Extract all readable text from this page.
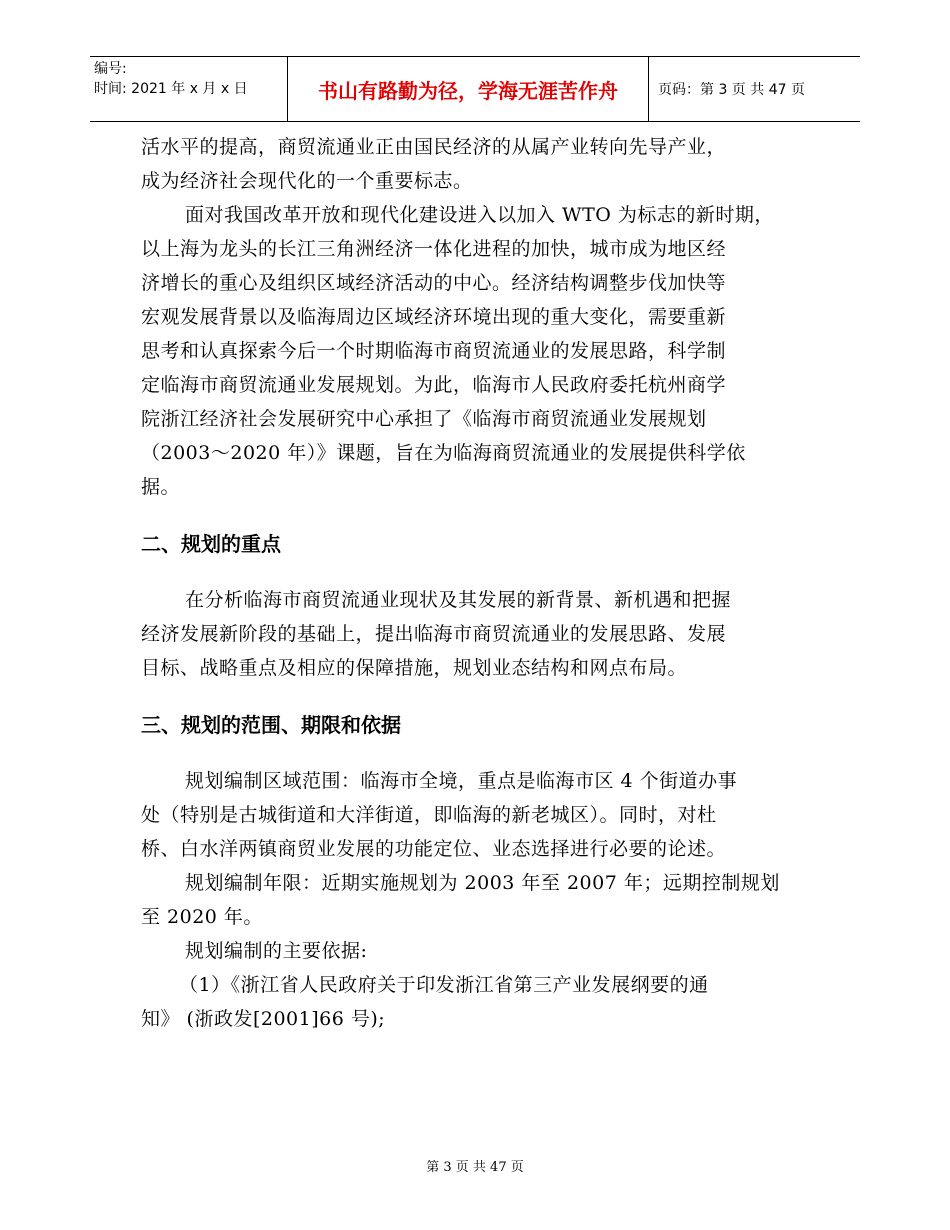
编号:
时间: 2021 年 x 月 x 日	书山有路勤为径，学海无涯苦作舟	页码：第 3 页 共 47 页
活水平的提高，商贸流通业正由国民经济的从属产业转向先导产业，
成为经济社会现代化的一个重要标志。
面对我国改革开放和现代化建设进入以加入 WTO 为标志的新时期，
以上海为龙头的长江三角洲经济一体化进程的加快，城市成为地区经
济增长的重心及组织区域经济活动的中心。经济结构调整步伐加快等
宏观发展背景以及临海周边区域经济环境出现的重大变化，需要重新
思考和认真探索今后一个时期临海市商贸流通业的发展思路，科学制
定临海市商贸流通业发展规划。为此，临海市人民政府委托杭州商学
院浙江经济社会发展研究中心承担了《临海市商贸流通业发展规划
（2003～2020 年）》课题，旨在为临海商贸流通业的发展提供科学依
据。
二、规划的重点
在分析临海市商贸流通业现状及其发展的新背景、新机遇和把握
经济发展新阶段的基础上，提出临海市商贸流通业的发展思路、发展
目标、战略重点及相应的保障措施，规划业态结构和网点布局。
三、规划的范围、期限和依据
规划编制区域范围：临海市全境，重点是临海市区 4 个街道办事
处（特别是古城街道和大洋街道，即临海的新老城区）。同时，对杜
桥、白水洋两镇商贸业发展的功能定位、业态选择进行必要的论述。
规划编制年限：近期实施规划为 2003 年至 2007 年；远期控制规划
至 2020 年。
规划编制的主要依据:
（1）《浙江省人民政府关于印发浙江省第三产业发展纲要的通
知》 (浙政发[2001]66 号);
第 3 页 共 47 页
